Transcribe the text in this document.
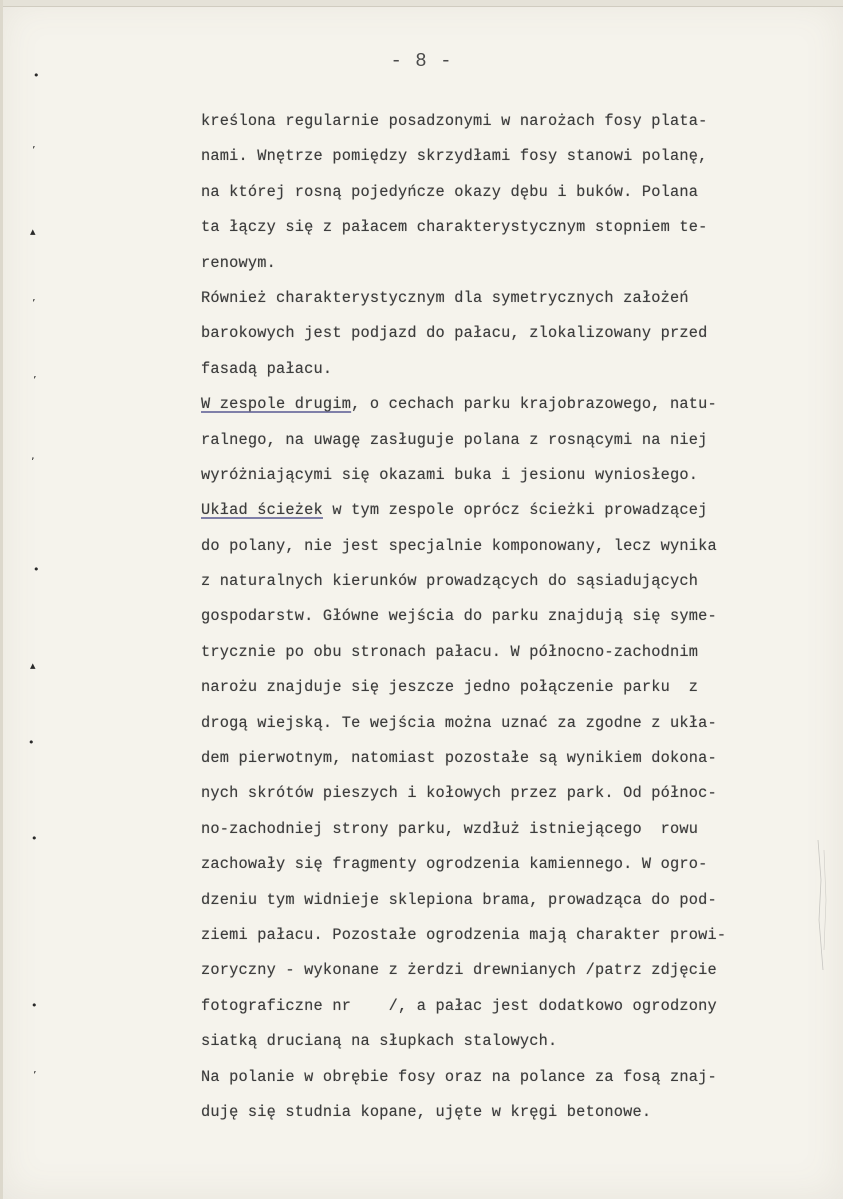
- 8 -
•
’
▴
’
’
‚
•
▴
•
•
•
’
kreślona regularnie posadzonymi w narożach fosy plata-
nami. Wnętrze pomiędzy skrzydłami fosy stanowi polanę,
na której rosną pojedyńcze okazy dębu i buków. Polana
ta łączy się z pałacem charakterystycznym stopniem te-
renowym.
Również charakterystycznym dla symetrycznych założeń
barokowych jest podjazd do pałacu, zlokalizowany przed
fasadą pałacu.
W zespole drugim, o cechach parku krajobrazowego, natu-
ralnego, na uwagę zasługuje polana z rosnącymi na niej
wyróżniającymi się okazami buka i jesionu wyniosłego.
Układ ścieżek w tym zespole oprócz ścieżki prowadzącej
do polany, nie jest specjalnie komponowany, lecz wynika
z naturalnych kierunków prowadzących do sąsiadujących
gospodarstw. Główne wejścia do parku znajdują się syme-
trycznie po obu stronach pałacu. W północno-zachodnim
narożu znajduje się jeszcze jedno połączenie parku  z
drogą wiejską. Te wejścia można uznać za zgodne z ukła-
dem pierwotnym, natomiast pozostałe są wynikiem dokona-
nych skrótów pieszych i kołowych przez park. Od północ-
no-zachodniej strony parku, wzdłuż istniejącego  rowu
zachowały się fragmenty ogrodzenia kamiennego. W ogro-
dzeniu tym widnieje sklepiona brama, prowadząca do pod-
ziemi pałacu. Pozostałe ogrodzenia mają charakter prowi-
zoryczny - wykonane z żerdzi drewnianych /patrz zdjęcie
fotograficzne nr    /, a pałac jest dodatkowo ogrodzony
siatką drucianą na słupkach stalowych.
Na polanie w obrębie fosy oraz na polance za fosą znaj-
duję się studnia kopane, ujęte w kręgi betonowe.
